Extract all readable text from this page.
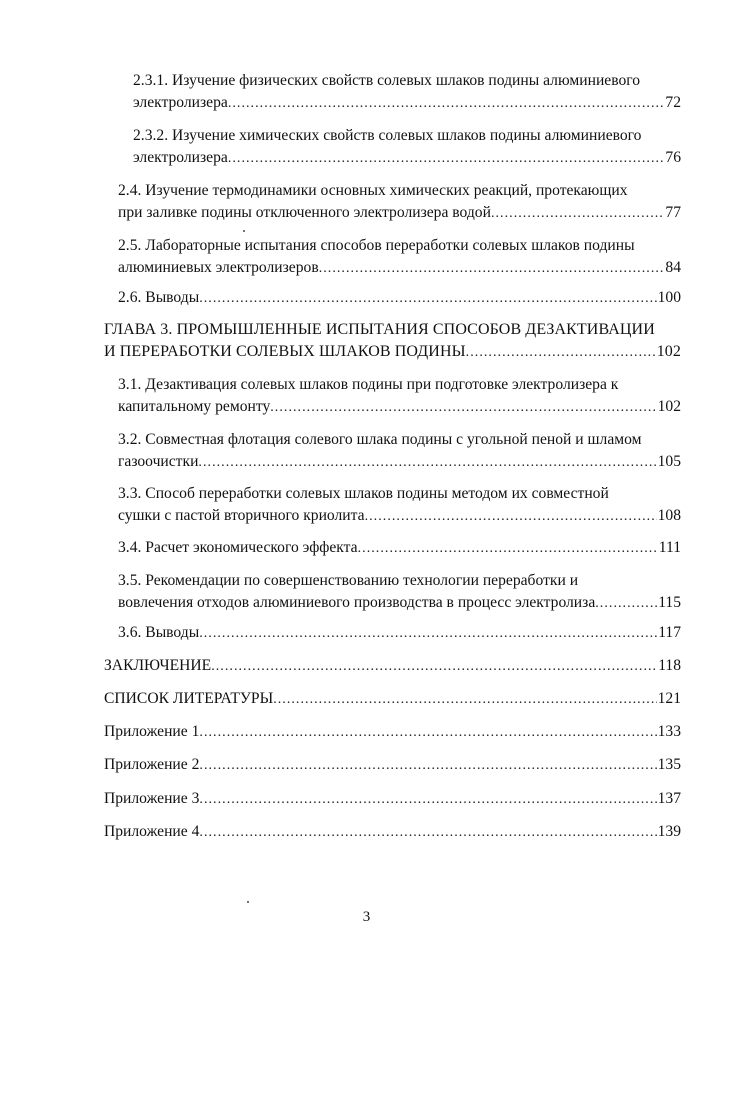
2.3.1. Изучение физических свойств солевых шлаков подины алюминиевого
электролизера .....	72
2.3.2. Изучение химических свойств солевых шлаков подины алюминиевого
электролизера .....	76
2.4. Изучение термодинамики основных химических реакций, протекающих
при заливке подины отключенного электролизера водой .....	77
2.5. Лабораторные испытания способов переработки солевых шлаков подины
алюминиевых электролизеров .....	84
2.6. Выводы .....	100
ГЛАВА 3. ПРОМЫШЛЕННЫЕ ИСПЫТАНИЯ СПОСОБОВ ДЕЗАКТИВАЦИИ
И ПЕРЕРАБОТКИ СОЛЕВЫХ ШЛАКОВ ПОДИНЫ .....	102
3.1. Дезактивация солевых шлаков подины при подготовке электролизера к
капитальному ремонту .....	102
3.2. Совместная флотация солевого шлака подины с угольной пеной и шламом
газоочистки .....	105
3.3. Способ переработки солевых шлаков подины методом их совместной
сушки с пастой вторичного криолита .....	108
3.4. Расчет экономического эффекта .....	111
3.5. Рекомендации по совершенствованию технологии переработки и
вовлечения отходов алюминиевого производства в процесс электролиза .....	115
3.6. Выводы .....	117
ЗАКЛЮЧЕНИЕ .....	118
СПИСОК ЛИТЕРАТУРЫ .....	121
Приложение 1 .....	133
Приложение 2 .....	135
Приложение 3 .....	137
Приложение 4 .....	139
3
